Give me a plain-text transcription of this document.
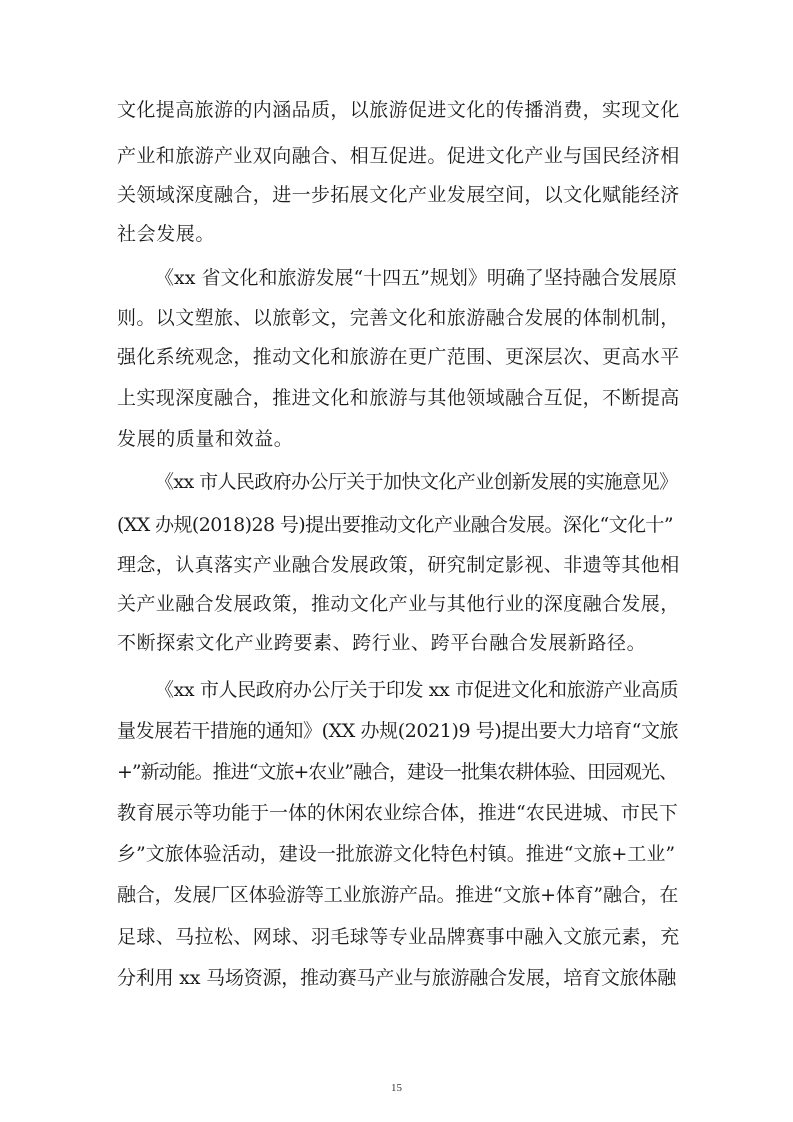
文化提高旅游的内涵品质，以旅游促进文化的传播消费，实现文化
产业和旅游产业双向融合、相互促进。促进文化产业与国民经济相
关领域深度融合，进一步拓展文化产业发展空间，以文化赋能经济
社会发展。
《xx 省文化和旅游发展“十四五”规划》明确了坚持融合发展原
则。以文塑旅、以旅彰文，完善文化和旅游融合发展的体制机制，
强化系统观念，推动文化和旅游在更广范围、更深层次、更高水平
上实现深度融合，推进文化和旅游与其他领域融合互促，不断提高
发展的质量和效益。
《xx 市人民政府办公厅关于加快文化产业创新发展的实施意见》
(XX 办规(2018)28 号)提出要推动文化产业融合发展。深化“文化十”
理念，认真落实产业融合发展政策，研究制定影视、非遗等其他相
关产业融合发展政策，推动文化产业与其他行业的深度融合发展，
不断探索文化产业跨要素、跨行业、跨平台融合发展新路径。
《xx 市人民政府办公厅关于印发 xx 市促进文化和旅游产业高质
量发展若干措施的通知》(XX 办规(2021)9 号)提出要大力培育“文旅
+”新动能。推进“文旅+农业”融合，建设一批集农耕体验、田园观光、
教育展示等功能于一体的休闲农业综合体，推进“农民进城、市民下
乡”文旅体验活动，建设一批旅游文化特色村镇。推进“文旅+工业”
融合，发展厂区体验游等工业旅游产品。推进“文旅+体育”融合，在
足球、马拉松、网球、羽毛球等专业品牌赛事中融入文旅元素，充
分利用 xx 马场资源，推动赛马产业与旅游融合发展，培育文旅体融
15
